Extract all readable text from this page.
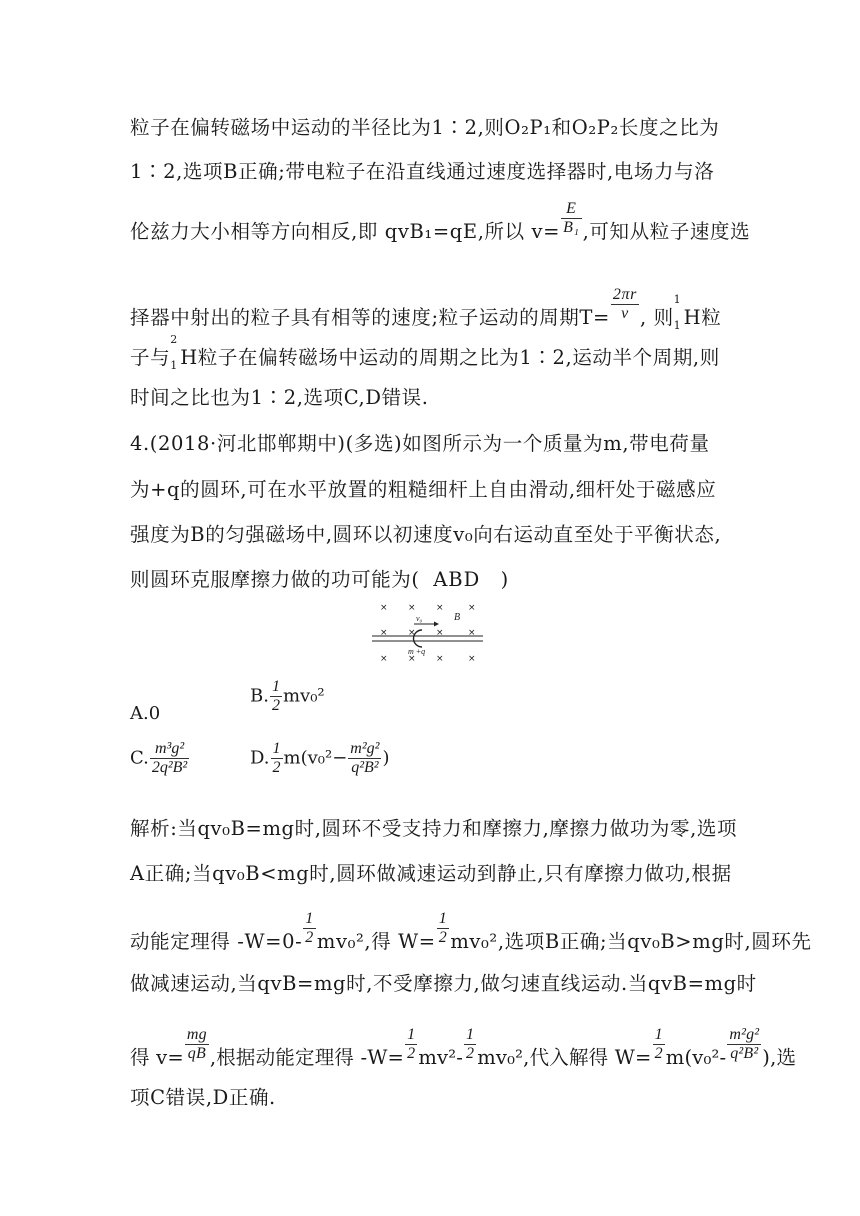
粒子在偏转磁场中运动的半径比为1∶2,则O₂P₁和O₂P₂长度之比为
1∶2,选项B正确;带电粒子在沿直线通过速度选择器时,电场力与洛
伦兹力大小相等方向相反,即 qvB₁=qE,所以 $v= \frac{E}{\text{B₁}}$ ,可知从粒子速度选
择器中射出的粒子具有相等的速度;粒子运动的周期$T= \frac{2\pi r}{v}$ , 则
1
$_1$ H粒
子与
2
$_1$ H粒子在偏转磁场中运动的周期之比为1∶2,运动半个周期,则
时间之比也为1∶2,选项C,D错误.
4.(2018·河北邯郸期中)(多选)如图所示为一个质量为m,带电荷量
为+q的圆环,可在水平放置的粗糙细杆上自由滑动,细杆处于磁感应
强度为B的匀强磁场中,圆环以初速度v₀向右运动直至处于平衡状态,
则圆环克服摩擦力做的功可能为( ABD )
× × ×	×
× × ×	×
× × ×	×
B
v₀
m +q
A.0
B. $\frac{1}{2} mv_0^2$
C. $\frac{\text{m³g²}}{\text{2q²B²}}$	D. $\frac{1}{2} m(v_0^2- \frac{\text{m²g²}}{\text{q²B²}}$ )
解析:当qv₀B=mg时,圆环不受支持力和摩擦力,摩擦力做功为零,选项
A正确;当qv₀B<mg时,圆环做减速运动到静止,只有摩擦力做功,根据
动能定理得 $-W=0- \frac{1}{2} mv_0^2$,得 $W= \frac{1}{2} mv_0^2$,选项B正确;当qv₀B>mg时,圆环先
做减速运动,当qvB=mg时,不受摩擦力,做匀速直线运动.当qvB=mg时
得 $v= \frac{mg}{qB}$ ,根据动能定理得 $-W= \frac{1}{2} mv^2- \frac{1}{2} mv_0^2$,代入解得 $W= \frac{1}{2} m(v_0^2- \frac{\text{m²g²}}{\text{q²B²}}$ ),选
项C错误,D正确.
